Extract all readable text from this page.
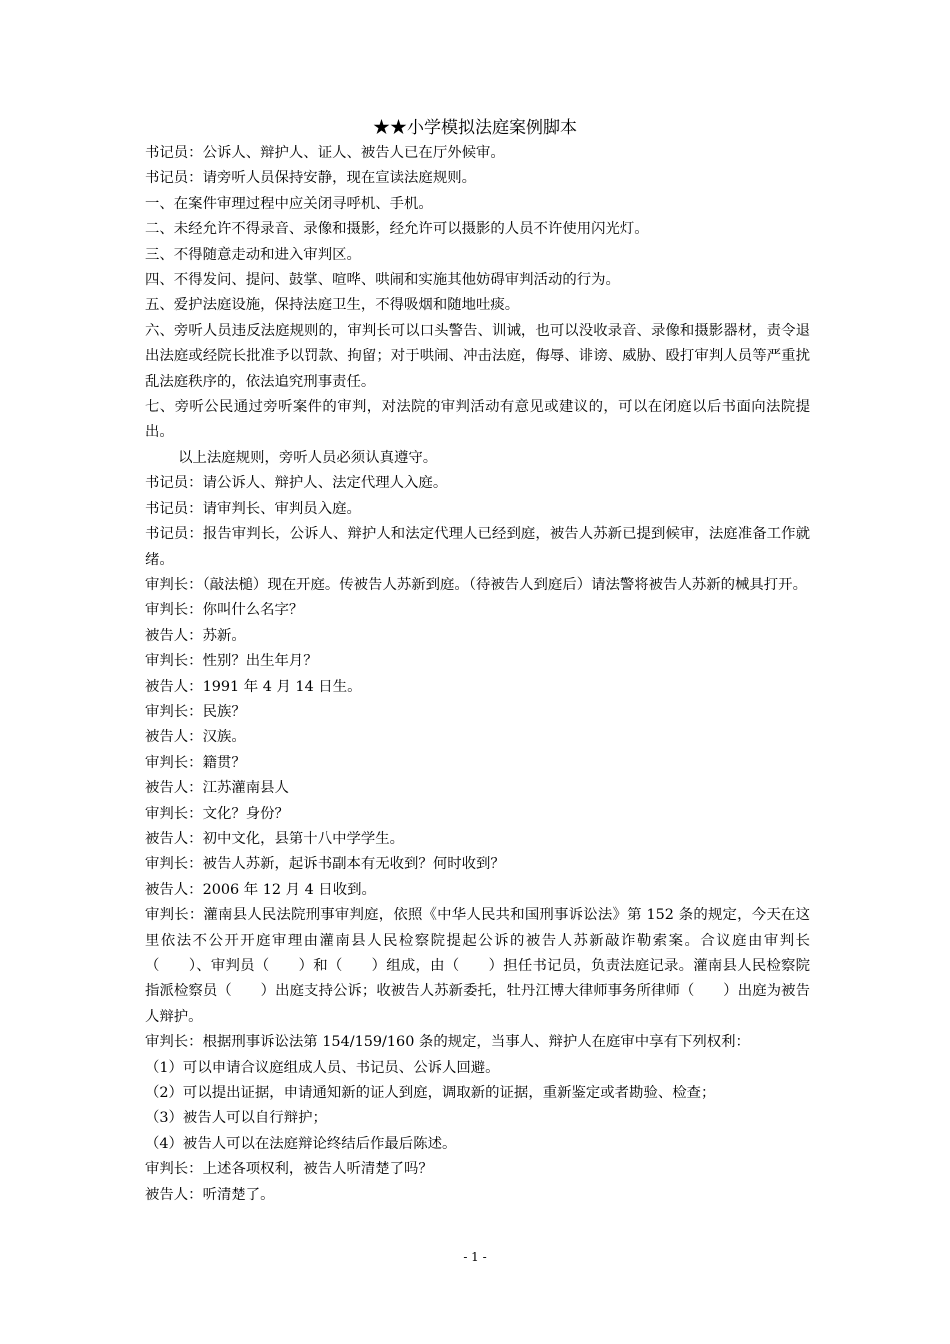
★★小学模拟法庭案例脚本

书记员：公诉人、辩护人、证人、被告人已在厅外候审。

书记员：请旁听人员保持安静，现在宣读法庭规则。

一、在案件审理过程中应关闭寻呼机、手机。

二、未经允许不得录音、录像和摄影，经允许可以摄影的人员不许使用闪光灯。

三、不得随意走动和进入审判区。

四、不得发问、提问、鼓掌、喧哗、哄闹和实施其他妨碍审判活动的行为。

五、爱护法庭设施，保持法庭卫生，不得吸烟和随地吐痰。

六、旁听人员违反法庭规则的，审判长可以口头警告、训诫，也可以没收录音、录像和摄影器材，责令退出法庭或经院长批准予以罚款、拘留；对于哄闹、冲击法庭，侮辱、诽谤、威胁、殴打审判人员等严重扰乱法庭秩序的，依法追究刑事责任。

七、旁听公民通过旁听案件的审判，对法院的审判活动有意见或建议的，可以在闭庭以后书面向法院提出。

以上法庭规则，旁听人员必须认真遵守。

书记员：请公诉人、辩护人、法定代理人入庭。

书记员：请审判长、审判员入庭。

书记员：报告审判长，公诉人、辩护人和法定代理人已经到庭，被告人苏新已提到候审，法庭准备工作就绪。

审判长：（敲法槌）现在开庭。传被告人苏新到庭。（待被告人到庭后）请法警将被告人苏新的械具打开。

审判长：你叫什么名字？

被告人：苏新。

审判长：性别？出生年月？

被告人：1991 年 4 月 14 日生。

审判长：民族？

被告人：汉族。

审判长：籍贯？

被告人：江苏灌南县人

审判长：文化？身份？

被告人：初中文化，县第十八中学学生。

审判长：被告人苏新，起诉书副本有无收到？何时收到？

被告人：2006 年 12 月 4 日收到。

审判长：灌南县人民法院刑事审判庭，依照《中华人民共和国刑事诉讼法》第 152 条的规定，今天在这里依法不公开开庭审理由灌南县人民检察院提起公诉的被告人苏新敲诈勒索案。合议庭由审判长（　　）、审判员（　　）和（　　）组成，由（　　）担任书记员，负责法庭记录。灌南县人民检察院指派检察员（　　）出庭支持公诉；收被告人苏新委托，牡丹江博大律师事务所律师（　　）出庭为被告人辩护。

审判长：根据刑事诉讼法第 154/159/160 条的规定，当事人、辩护人在庭审中享有下列权利：

（1）可以申请合议庭组成人员、书记员、公诉人回避。

（2）可以提出证据，申请通知新的证人到庭，调取新的证据，重新鉴定或者勘验、检查；

（3）被告人可以自行辩护；

（4）被告人可以在法庭辩论终结后作最后陈述。

审判长：上述各项权利，被告人听清楚了吗？

被告人：听清楚了。

- 1 -
